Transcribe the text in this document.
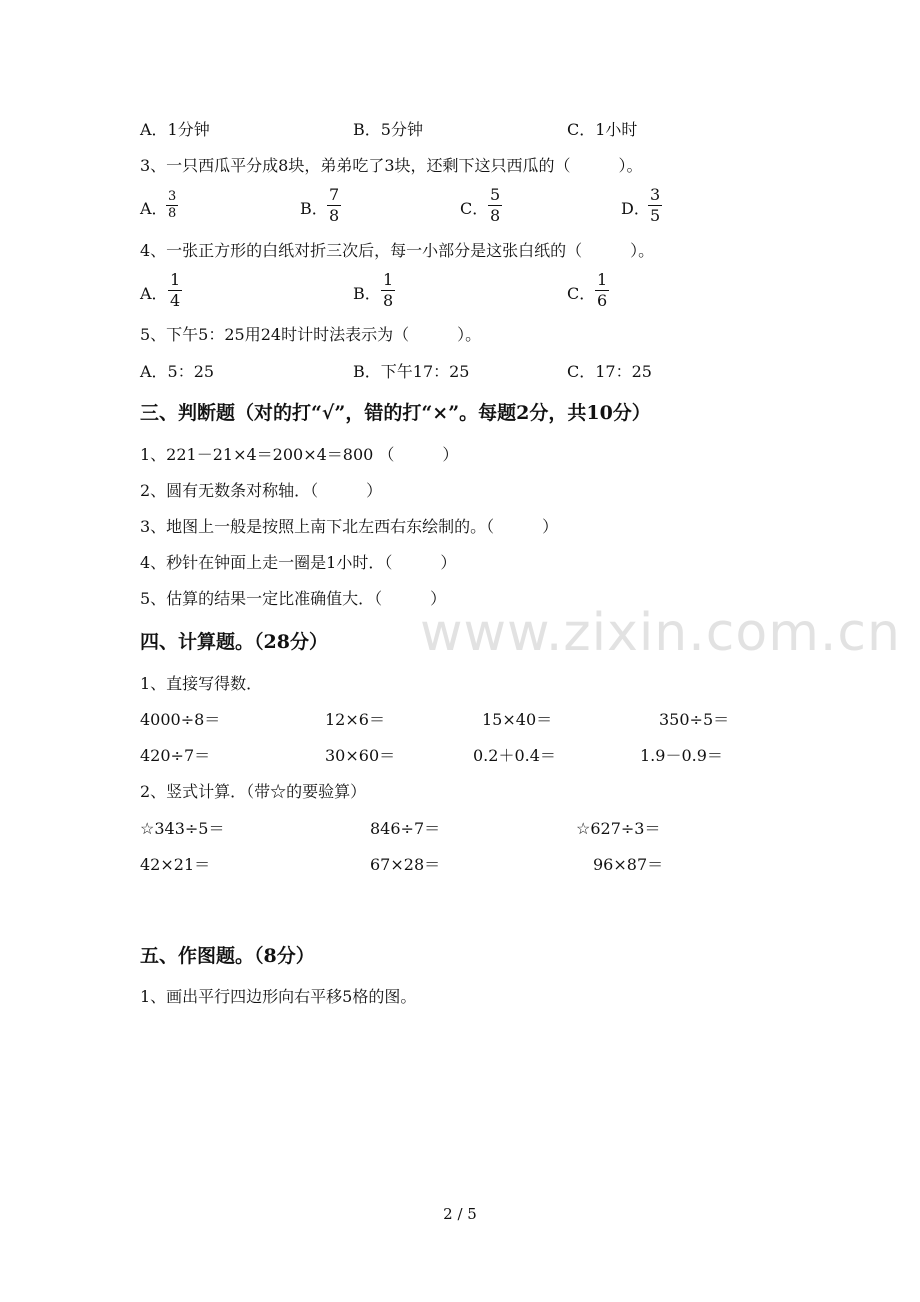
A．1分钟	B．5分钟	C．1小时
3、一只西瓜平分成8块，弟弟吃了3块，还剩下这只西瓜的（　　　）。
A．
3
8	B．
7
8	C．
5
8	D．
3
5
4、一张正方形的白纸对折三次后，每一小部分是这张白纸的（　　　）。
A．
1
4	B．
1
8	C．
1
6
5、下午5：25用24时计时法表示为（　　　）。
A．5：25	B．下午17：25	C．17：25
三、判断题（对的打“√”，错的打“×”。每题2分，共10分）
1、221－21×4＝200×4＝800 （　　　）
2、圆有无数条对称轴．（　　　）
3、地图上一般是按照上南下北左西右东绘制的。（　　　）
4、秒针在钟面上走一圈是1小时．（　　　）
5、估算的结果一定比准确值大．（　　　）
www.zixin.com.cn
四、计算题。（28分）
1、直接写得数．
4000÷8＝	12×6＝	15×40＝	350÷5＝
420÷7＝	30×60＝	0.2＋0.4＝	1.9－0.9＝
2、竖式计算．（带☆的要验算）
☆343÷5＝	846÷7＝	☆627÷3＝
42×21＝	67×28＝	96×87＝
五、作图题。（8分）
1、画出平行四边形向右平移5格的图。
2 / 5
